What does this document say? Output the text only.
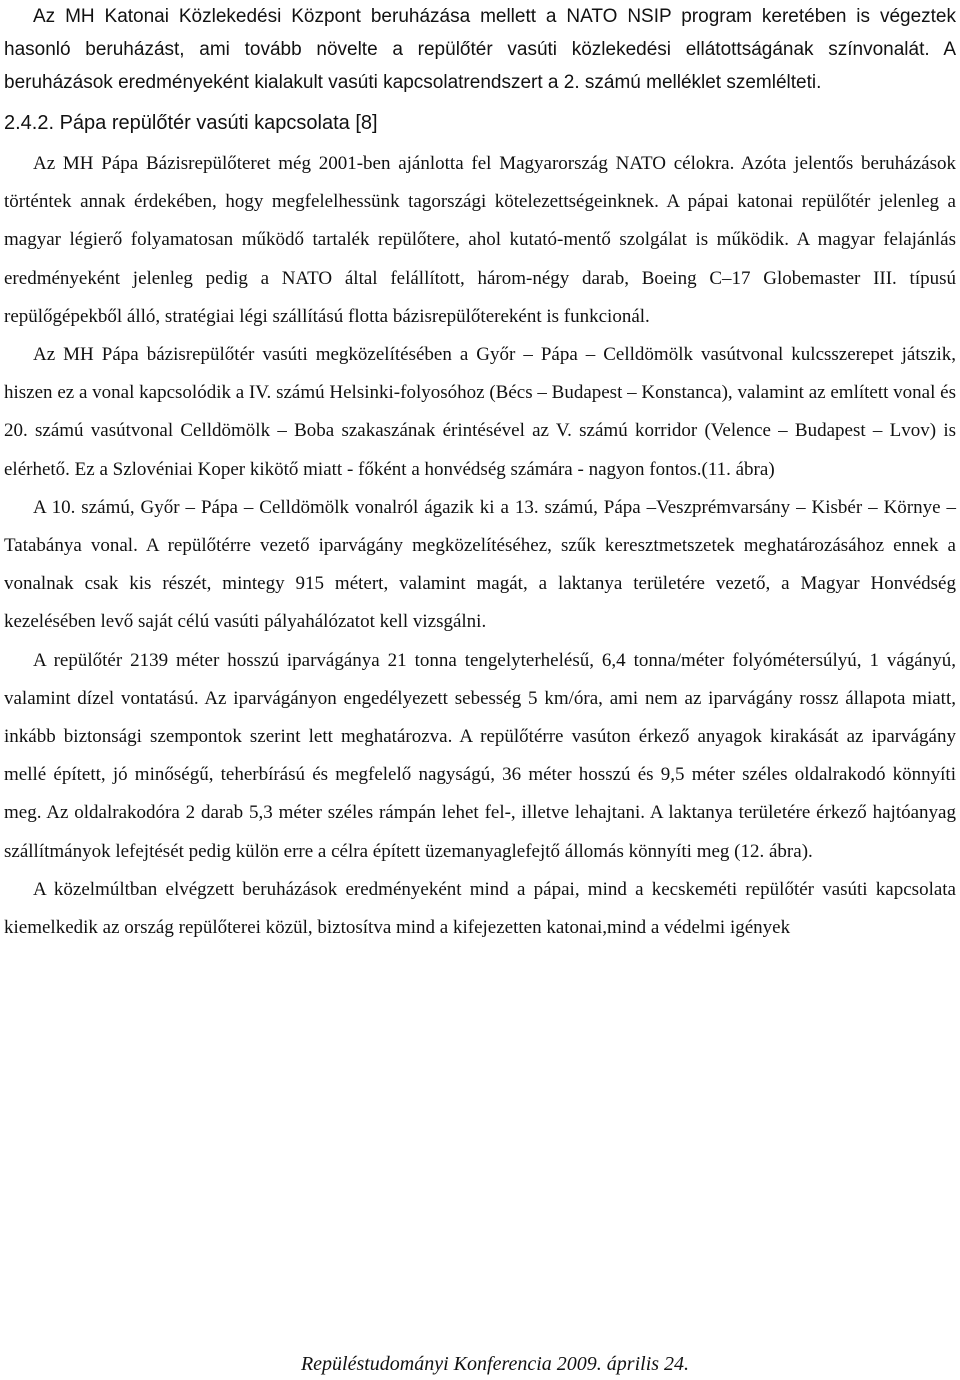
Az MH Katonai Közlekedési Központ beruházása mellett a NATO NSIP program keretében is végeztek hasonló beruházást, ami tovább növelte a repülőtér vasúti közlekedési ellátottságának színvonalát. A beruházások eredményeként kialakult vasúti kapcsolatrendszert a 2. számú melléklet szemlélteti.

2.4.2. Pápa repülőtér vasúti kapcsolata [8]

Az MH Pápa Bázisrepülőteret még 2001-ben ajánlotta fel Magyarország NATO célokra. Azóta jelentős beruházások történtek annak érdekében, hogy megfelelhessünk tagországi kötelezettségeinknek. A pápai katonai repülőtér jelenleg a magyar légierő folyamatosan működő tartalék repülőtere, ahol kutató-mentő szolgálat is működik. A magyar felajánlás eredményeként jelenleg pedig a NATO által felállított, három-négy darab, Boeing C–17 Globemaster III. típusú repülőgépekből álló, stratégiai légi szállítású flotta bázisrepülőtereként is funkcionál.

Az MH Pápa bázisrepülőtér vasúti megközelítésében a Győr – Pápa – Celldömölk vasútvonal kulcsszerepet játszik, hiszen ez a vonal kapcsolódik a IV. számú Helsinki-folyosóhoz (Bécs – Budapest – Konstanca), valamint az említett vonal és 20. számú vasútvonal Celldömölk – Boba szakaszának érintésével az V. számú korridor (Velence – Budapest – Lvov) is elérhető. Ez a Szlovéniai Koper kikötő miatt - főként a honvédség számára - nagyon fontos.(11. ábra)

A 10. számú, Győr – Pápa – Celldömölk vonalról ágazik ki a 13. számú, Pápa –Veszprémvarsány – Kisbér – Környe – Tatabánya vonal. A repülőtérre vezető iparvágány megközelítéséhez, szűk keresztmetszetek meghatározásához ennek a vonalnak csak kis részét, mintegy 915 métert, valamint magát, a laktanya területére vezető, a Magyar Honvédség kezelésében levő saját célú vasúti pályahálózatot kell vizsgálni.

A repülőtér 2139 méter hosszú iparvágánya 21 tonna tengelyterhelésű, 6,4 tonna/méter folyómétersúlyú, 1 vágányú, valamint dízel vontatású. Az iparvágányon engedélyezett sebesség 5 km/óra, ami nem az iparvágány rossz állapota miatt, inkább biztonsági szempontok szerint lett meghatározva. A repülőtérre vasúton érkező anyagok kirakását az iparvágány mellé épített, jó minőségű, teherbírású és megfelelő nagyságú, 36 méter hosszú és 9,5 méter széles oldalrakodó könnyíti meg. Az oldalrakodóra 2 darab 5,3 méter széles rámpán lehet fel-, illetve lehajtani. A laktanya területére érkező hajtóanyag szállítmányok lefejtését pedig külön erre a célra épített üzemanyaglefejtő állomás könnyíti meg (12. ábra).

A közelmúltban elvégzett beruházások eredményeként mind a pápai, mind a kecskeméti repülőtér vasúti kapcsolata kiemelkedik az ország repülőterei közül, biztosítva mind a kifejezetten katonai,mind a védelmi igények

Repüléstudományi Konferencia 2009. április 24.
